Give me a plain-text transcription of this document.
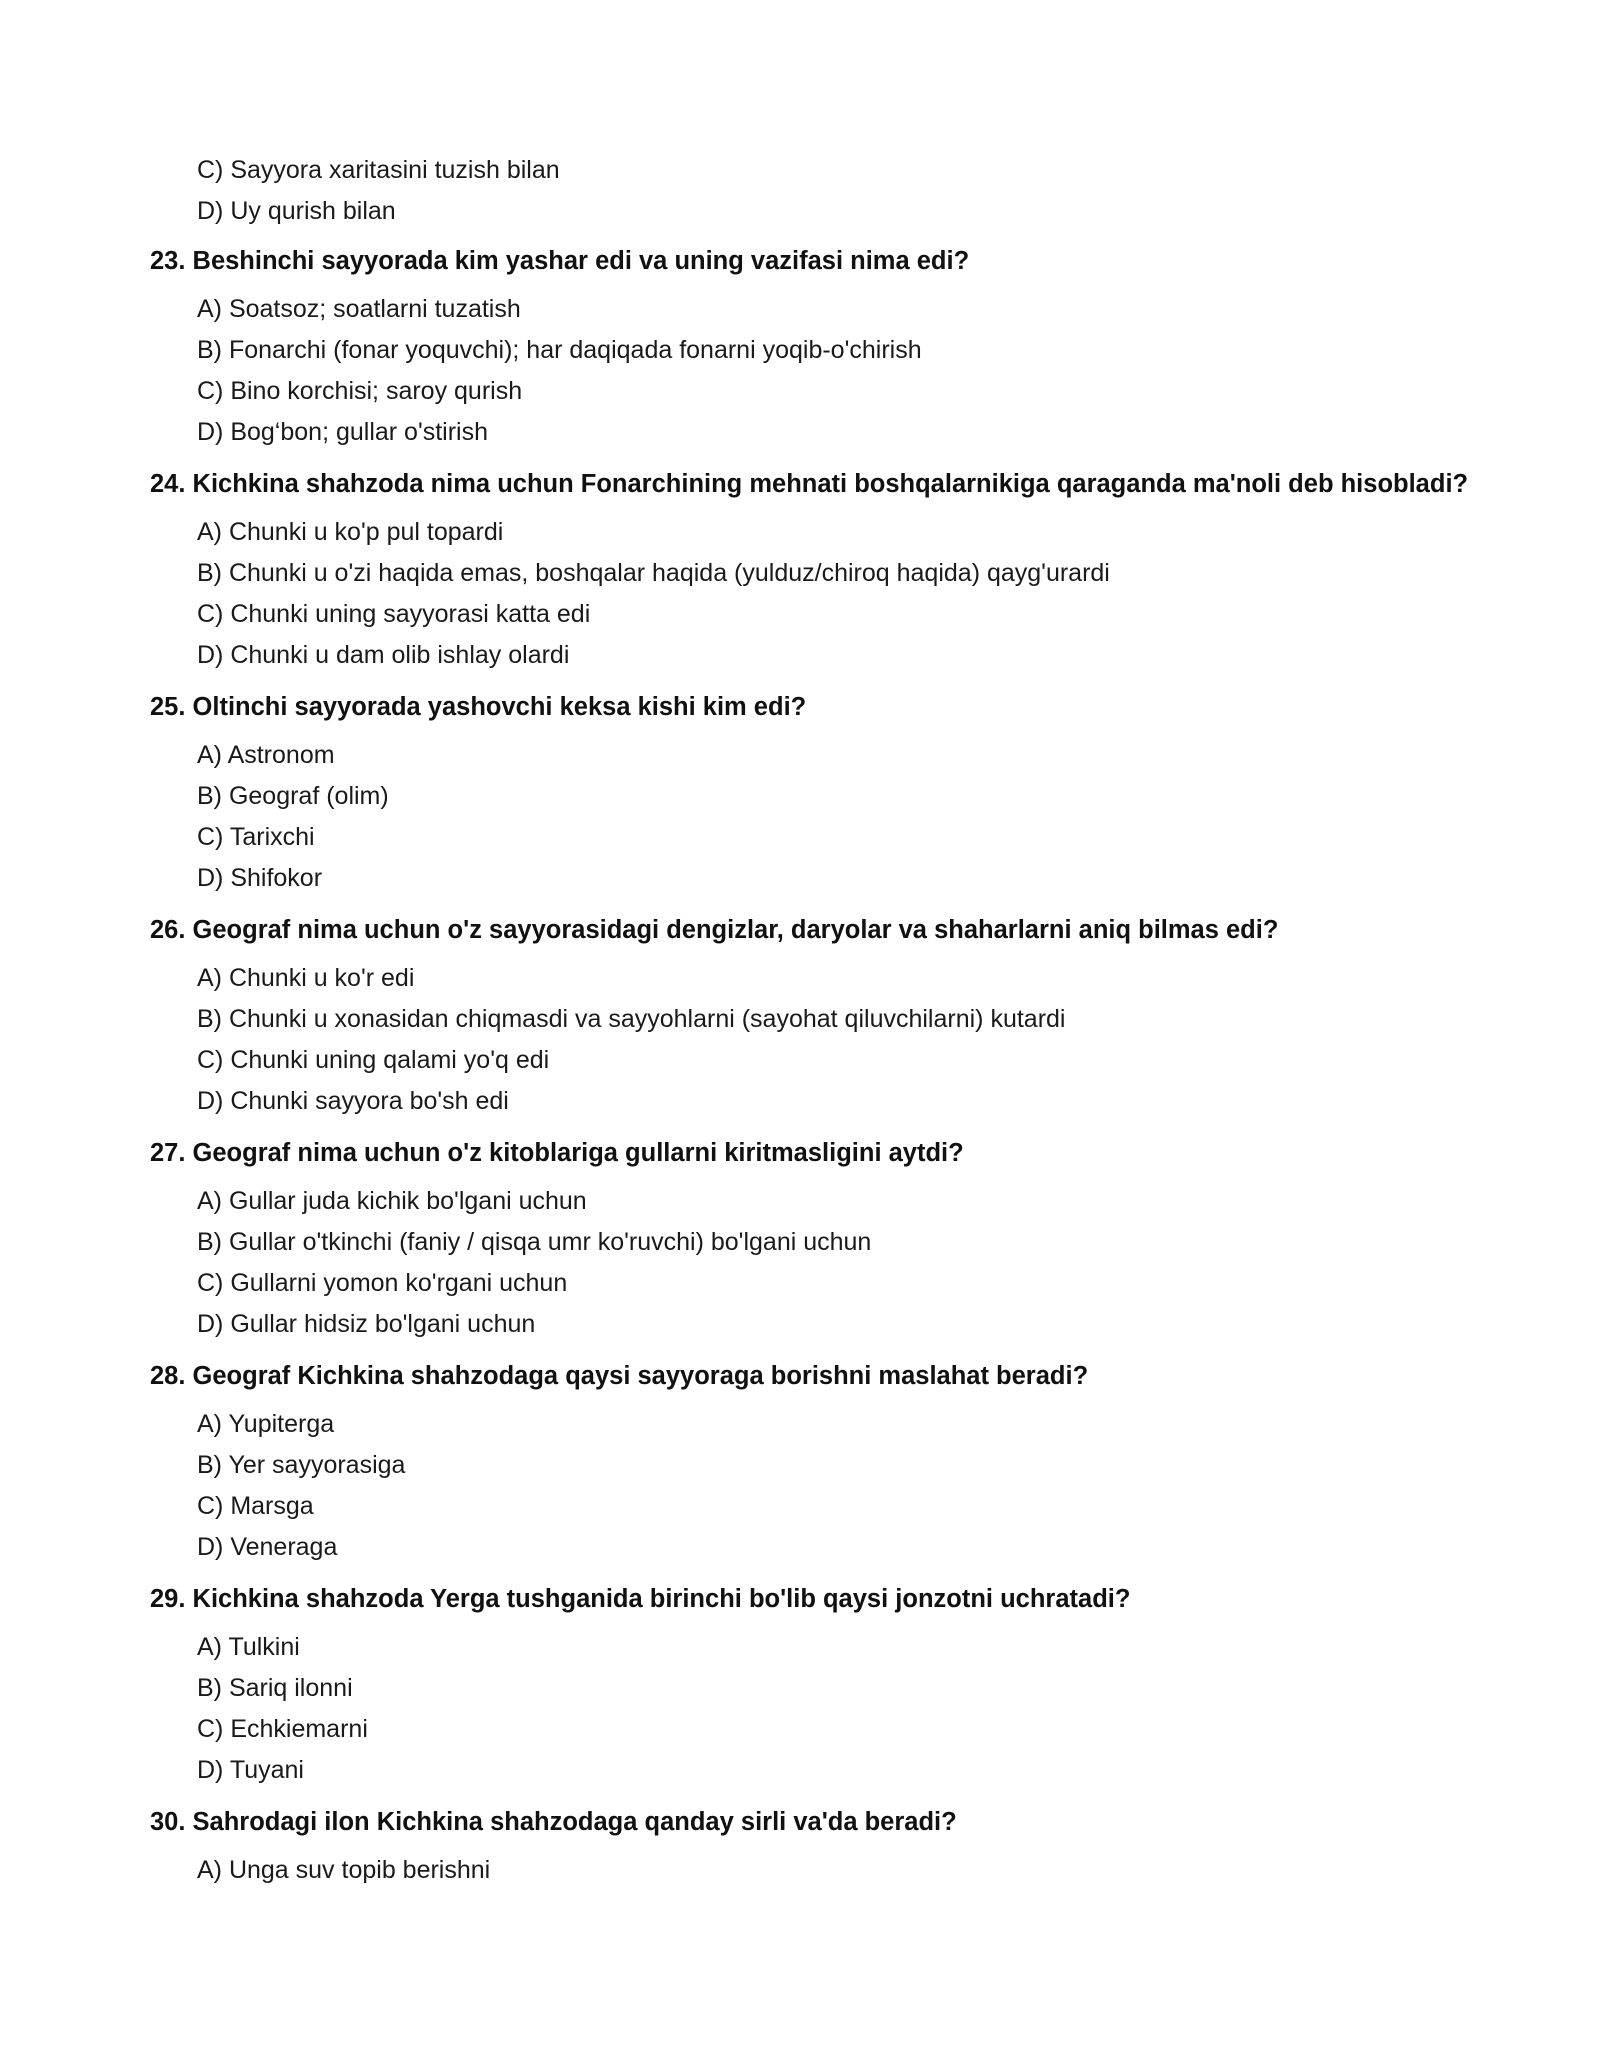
C) Sayyora xaritasini tuzish bilan
D) Uy qurish bilan
23. Beshinchi sayyorada kim yashar edi va uning vazifasi nima edi?
A) Soatsoz; soatlarni tuzatish
B) Fonarchi (fonar yoquvchi); har daqiqada fonarni yoqib-o'chirish
C) Bino korchisi; saroy qurish
D) Bog‘bon; gullar o'stirish
24. Kichkina shahzoda nima uchun Fonarchining mehnati boshqalarnikiga qaraganda ma'noli deb hisobladi?
A) Chunki u ko'p pul topardi
B) Chunki u o'zi haqida emas, boshqalar haqida (yulduz/chiroq haqida) qayg'urardi
C) Chunki uning sayyorasi katta edi
D) Chunki u dam olib ishlay olardi
25. Oltinchi sayyorada yashovchi keksa kishi kim edi?
A) Astronom
B) Geograf (olim)
C) Tarixchi
D) Shifokor
26. Geograf nima uchun o'z sayyorasidagi dengizlar, daryolar va shaharlarni aniq bilmas edi?
A) Chunki u ko'r edi
B) Chunki u xonasidan chiqmasdi va sayyohlarni (sayohat qiluvchilarni) kutardi
C) Chunki uning qalami yo'q edi
D) Chunki sayyora bo'sh edi
27. Geograf nima uchun o'z kitoblariga gullarni kiritmasligini aytdi?
A) Gullar juda kichik bo'lgani uchun
B) Gullar o'tkinchi (faniy / qisqa umr ko'ruvchi) bo'lgani uchun
C) Gullarni yomon ko'rgani uchun
D) Gullar hidsiz bo'lgani uchun
28. Geograf Kichkina shahzodaga qaysi sayyoraga borishni maslahat beradi?
A) Yupiterga
B) Yer sayyorasiga
C) Marsga
D) Veneraga
29. Kichkina shahzoda Yerga tushganida birinchi bo'lib qaysi jonzotni uchratadi?
A) Tulkini
B) Sariq ilonni
C) Echkiemarni
D) Tuyani
30. Sahrodagi ilon Kichkina shahzodaga qanday sirli va'da beradi?
A) Unga suv topib berishni
